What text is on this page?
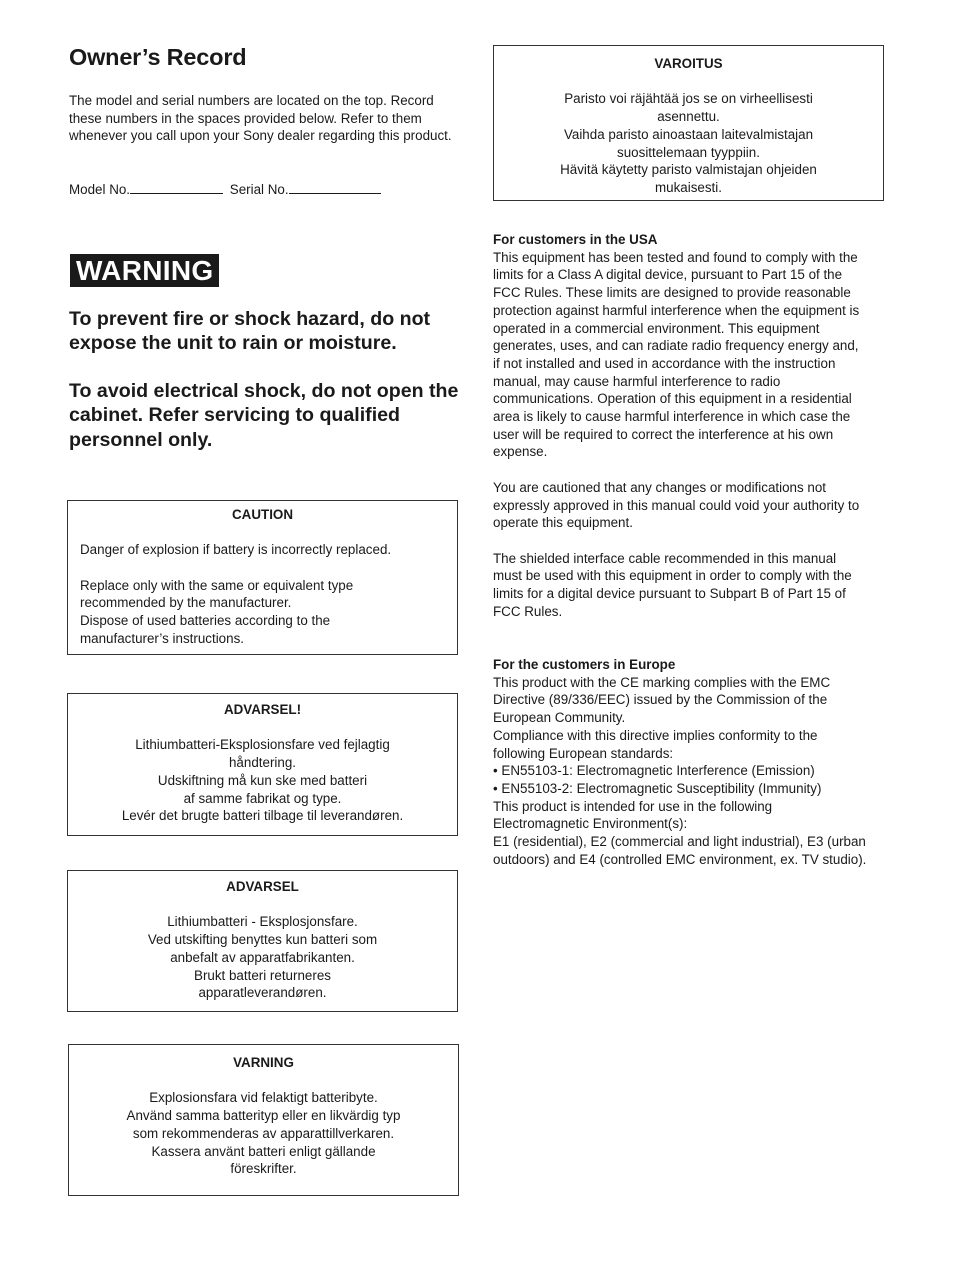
Owner’s Record

The model and serial numbers are located on the top. Record these numbers in the spaces provided below. Refer to them whenever you call upon your Sony dealer regarding this product.

Model No.	Serial No.
WARNING

To prevent fire or shock hazard, do not expose the unit to rain or moisture.

To avoid electrical shock, do not open the cabinet. Refer servicing to qualified personnel only.

CAUTION

Danger of explosion if battery is incorrectly replaced.

Replace only with the same or equivalent type recommended by the manufacturer.

Dispose of used batteries according to the manufacturer’s instructions.

ADVARSEL!
Lithiumbatteri-Eksplosionsfare ved fejlagtig
håndtering.
Udskiftning må kun ske med batteri
af samme fabrikat og type.
Levér det brugte batteri tilbage til leverandøren.
ADVARSEL
Lithiumbatteri - Eksplosjonsfare.
Ved utskifting benyttes kun batteri som
anbefalt av apparatfabrikanten.
Brukt batteri returneres
apparatleverandøren.
VARNING
Explosionsfara vid felaktigt batteribyte.
Använd samma batterityp eller en likvärdig typ
som rekommenderas av apparattillverkaren.
Kassera använt batteri enligt gällande
föreskrifter.
VAROITUS
Paristo voi räjähtää jos se on virheellisesti
asennettu.
Vaihda paristo ainoastaan laitevalmistajan
suosittelemaan tyyppiin.
Hävitä käytetty paristo valmistajan ohjeiden
mukaisesti.
For customers in the USA

This equipment has been tested and found to comply with the limits for a Class A digital device, pursuant to Part 15 of the FCC Rules. These limits are designed to provide reasonable protection against harmful interference when the equipment is operated in a commercial environment. This equipment generates, uses, and can radiate radio frequency energy and, if not installed and used in accordance with the instruction manual, may cause harmful interference to radio communications. Operation of this equipment in a residential area is likely to cause harmful interference in which case the user will be required to correct the interference at his own expense.

You are cautioned that any changes or modifications not expressly approved in this manual could void your authority to operate this equipment.

The shielded interface cable recommended in this manual must be used with this equipment in order to comply with the limits for a digital device pursuant to Subpart B of Part 15 of FCC Rules.

For the customers in Europe

This product with the CE marking complies with the EMC Directive (89/336/EEC) issued by the Commission of the European Community.

Compliance with this directive implies conformity to the following European standards:

• EN55103-1: Electromagnetic Interference (Emission)

• EN55103-2: Electromagnetic Susceptibility (Immunity)

This product is intended for use in the following Electromagnetic Environment(s):

E1 (residential), E2 (commercial and light industrial), E3 (urban outdoors) and E4 (controlled EMC environment, ex. TV studio).
